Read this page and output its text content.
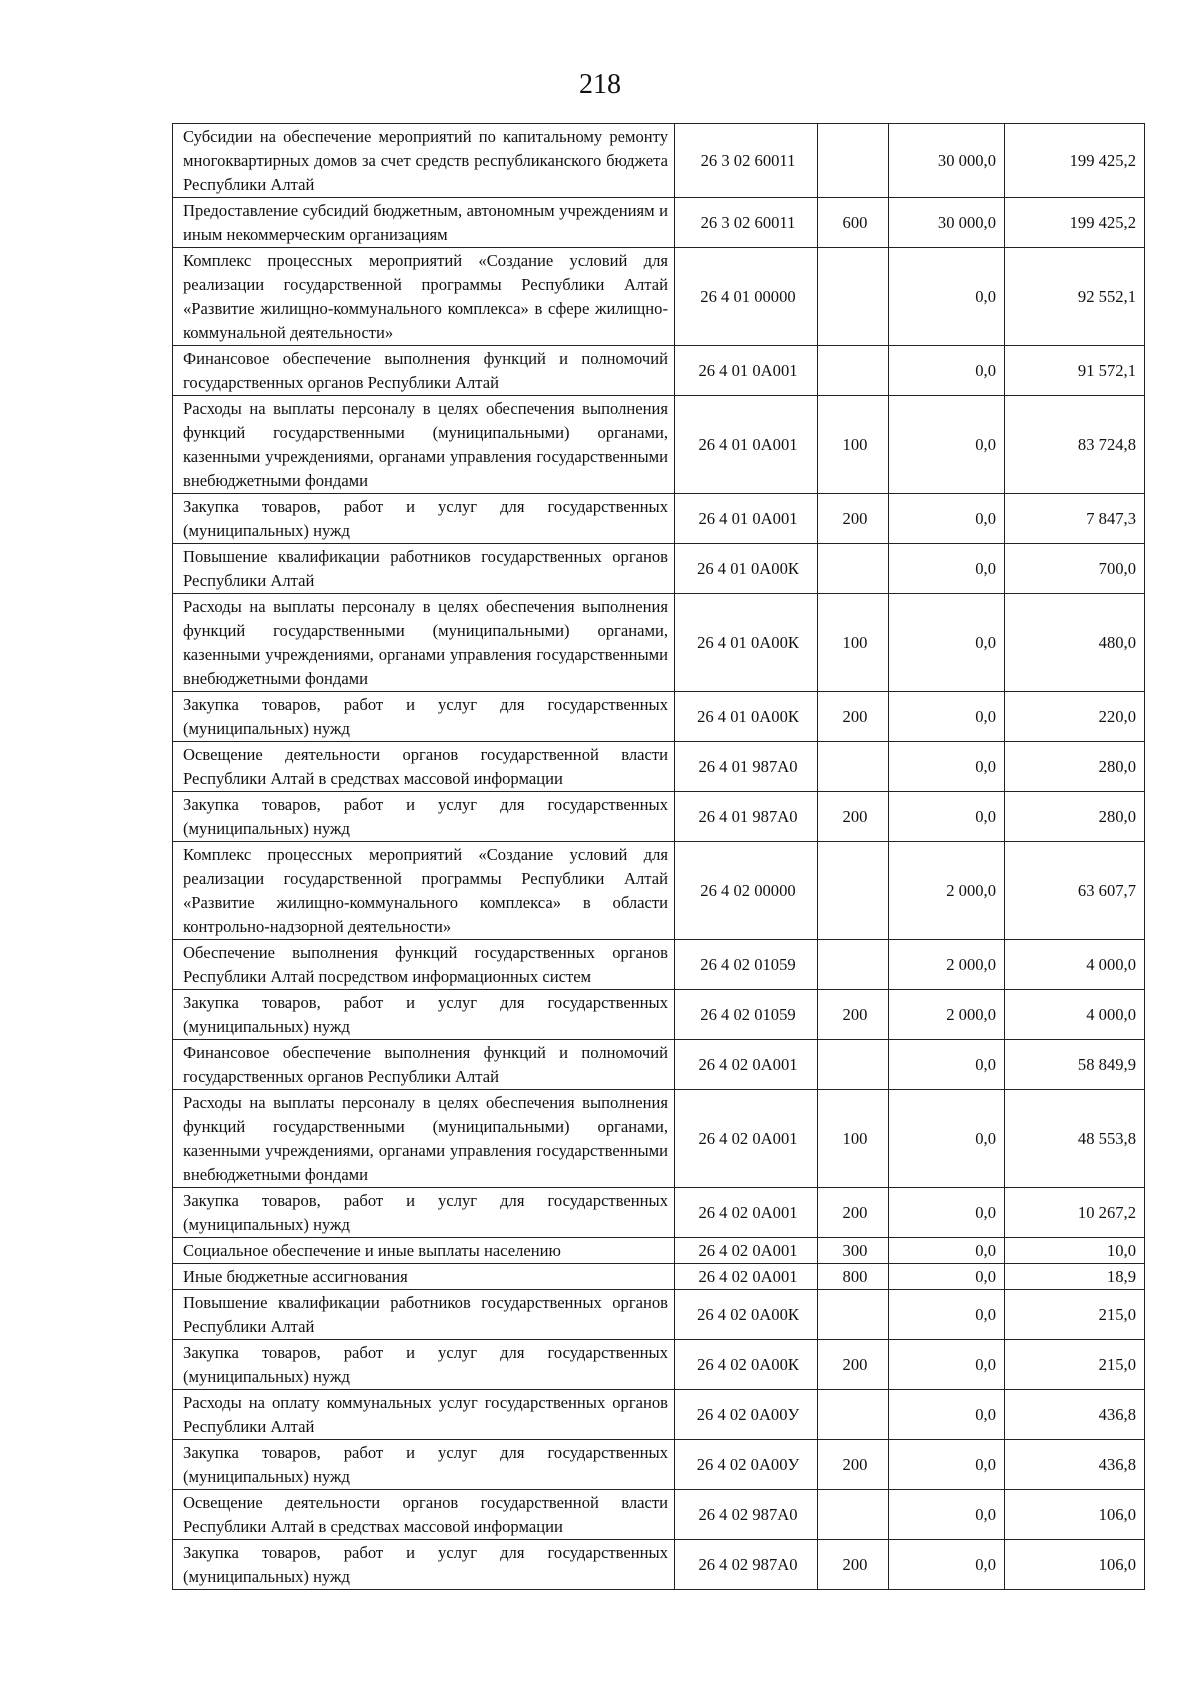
218
Субсидии на обеспечение мероприятий по капитальному ремонту многоквартирных домов за счет средств республиканского бюджета Республики Алтай	26 3 02 60011		30 000,0	199 425,2
Предоставление субсидий бюджетным, автономным учреждениям и иным некоммерческим организациям	26 3 02 60011	600	30 000,0	199 425,2
Комплекс процессных мероприятий «Создание условий для реализации государственной программы Республики Алтай «Развитие жилищно-коммунального комплекса» в сфере жилищно-коммунальной деятельности»	26 4 01 00000		0,0	92 552,1
Финансовое обеспечение выполнения функций и полномочий государственных органов Республики Алтай	26 4 01 0А001		0,0	91 572,1
Расходы на выплаты персоналу в целях обеспечения выполнения функций государственными (муниципальными) органами, казенными учреждениями, органами управления государственными внебюджетными фондами	26 4 01 0А001	100	0,0	83 724,8
Закупка товаров, работ и услуг для государственных (муниципальных) нужд	26 4 01 0А001	200	0,0	7 847,3
Повышение квалификации работников государственных органов Республики Алтай	26 4 01 0А00К		0,0	700,0
Расходы на выплаты персоналу в целях обеспечения выполнения функций государственными (муниципальными) органами, казенными учреждениями, органами управления государственными внебюджетными фондами	26 4 01 0А00К	100	0,0	480,0
Закупка товаров, работ и услуг для государственных (муниципальных) нужд	26 4 01 0А00К	200	0,0	220,0
Освещение деятельности органов государственной власти Республики Алтай в средствах массовой информации	26 4 01 987А0		0,0	280,0
Закупка товаров, работ и услуг для государственных (муниципальных) нужд	26 4 01 987А0	200	0,0	280,0
Комплекс процессных мероприятий «Создание условий для реализации государственной программы Республики Алтай «Развитие жилищно-коммунального комплекса» в области контрольно-надзорной деятельности»	26 4 02 00000		2 000,0	63 607,7
Обеспечение выполнения функций государственных органов Республики Алтай посредством информационных систем	26 4 02 01059		2 000,0	4 000,0
Закупка товаров, работ и услуг для государственных (муниципальных) нужд	26 4 02 01059	200	2 000,0	4 000,0
Финансовое обеспечение выполнения функций и полномочий государственных органов Республики Алтай	26 4 02 0А001		0,0	58 849,9
Расходы на выплаты персоналу в целях обеспечения выполнения функций государственными (муниципальными) органами, казенными учреждениями, органами управления государственными внебюджетными фондами	26 4 02 0А001	100	0,0	48 553,8
Закупка товаров, работ и услуг для государственных (муниципальных) нужд	26 4 02 0А001	200	0,0	10 267,2
Социальное обеспечение и иные выплаты населению	26 4 02 0А001	300	0,0	10,0
Иные бюджетные ассигнования	26 4 02 0А001	800	0,0	18,9
Повышение квалификации работников государственных органов Республики Алтай	26 4 02 0А00К		0,0	215,0
Закупка товаров, работ и услуг для государственных (муниципальных) нужд	26 4 02 0А00К	200	0,0	215,0
Расходы на оплату коммунальных услуг государственных органов Республики Алтай	26 4 02 0А00У		0,0	436,8
Закупка товаров, работ и услуг для государственных (муниципальных) нужд	26 4 02 0А00У	200	0,0	436,8
Освещение деятельности органов государственной власти Республики Алтай в средствах массовой информации	26 4 02 987А0		0,0	106,0
Закупка товаров, работ и услуг для государственных (муниципальных) нужд	26 4 02 987А0	200	0,0	106,0
